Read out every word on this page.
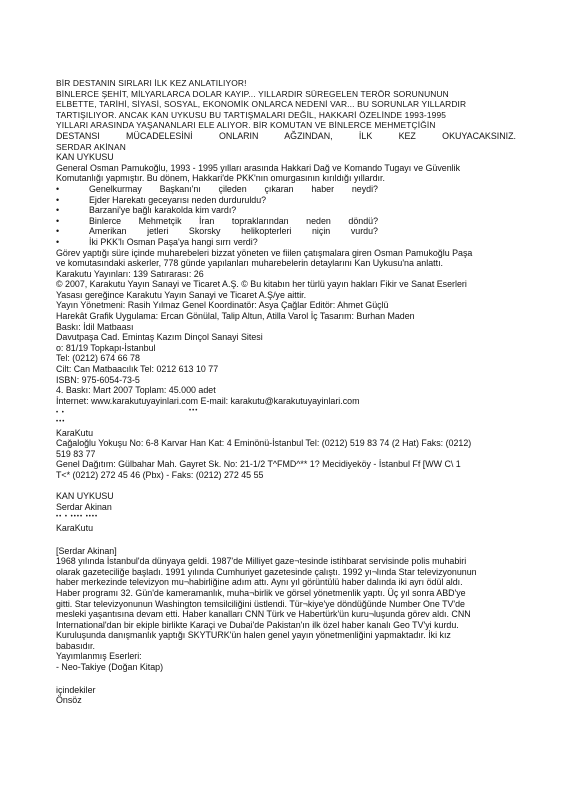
BİR DESTANIN SIRLARI İLK KEZ ANLATILIYOR!
BİNLERCE ŞEHİT, MİLYARLARCA DOLAR KAYIP... YILLARDIR SÜREGELEN TERÖR SORUNUNUN
ELBETTE, TARİHİ, SİYASİ, SOSYAL, EKONOMİK ONLARCA NEDENİ VAR... BU SORUNLAR YILLARDIR
TARTIŞILIYOR. ANCAK KAN UYKUSU BU TARTIŞMALARI DEĞİL, HAKKARİ ÖZELİNDE 1993-1995
YILLARI ARASINDA YAŞANANLARI ELE ALIYOR. BİR KOMUTAN VE BİNLERCE MEHMETÇİĞİN
DESTANSI MÜCADELESİNİ ONLARIN AĞZINDAN, İLK KEZ OKUYACAKSINIZ.
SERDAR AKİNAN
KAN UYKUSU
General Osman Pamukoğlu, 1993 - 1995 yılları arasında Hakkari Dağ ve Komando Tugayı ve Güvenlik
Komutanlığı yapmıştır. Bu dönem, Hakkari'de PKK'nın omurgasının kırıldığı yıllardır.
•	Genelkurmay Başkanı'nı çileden çıkaran haber neydi?
•	Ejder Harekatı geceyarısı neden durduruldu?
•	Barzani'ye bağlı karakolda kim vardı?
•	Binlerce Mehmetçik İran topraklarından neden döndü?
•	Amerikan jetleri Skorsky helikopterleri niçin vurdu?
•	İki PKK'lı Osman Paşa'ya hangi sırrı verdi?
Görev yaptığı süre içinde muharebeleri bizzat yöneten ve fiilen çatışmalara giren Osman Pamukoğlu Paşa
ve komutasındaki askerler, 778 günde yapılanları muharebelerin detaylarını Kan Uykusu'na anlattı.
Karakutu Yayınları: 139 Satırarası: 26
© 2007, Karakutu Yayın Sanayi ve Ticaret A.Ş. © Bu kitabın her türlü yayın hakları Fikir ve Sanat Eserleri
Yasası gereğince Karakutu Yayın Sanayi ve Ticaret A.Ş/ye aittir.
Yayın Yönetmeni: Rasih Yılmaz Genel Koordinatör: Asya Çağlar Editör: Ahmet Güçlü
Harekât Grafik Uygulama: Ercan Gönülal, Talip Altun, Atilla Varol İç Tasarım: Burhan Maden
Baskı: İdil Matbaası
Davutpaşa Cad. Emintaş Kazım Dinçol Sanayi Sitesi
o: 81/19 Topkapı-İstanbul
Tel: (0212) 674 66 78
Cilt: Can Matbaacılık Tel: 0212 613 10 77
ISBN: 975-6054-73-5
4. Baskı: Mart 2007 Toplam: 45.000 adet
İnternet: www.karakutuyayinlari.com E-mail: karakutu@karakutuyayinlari.com
• •	•••
•••
KaraKutu
Cağaloğlu Yokuşu No: 6-8 Karvar Han Kat: 4 Eminönü-İstanbul Tel: (0212) 519 83 74 (2 Hat) Faks: (0212)
519 83 77
Genel Dağıtım: Gülbahar Mah. Gayret Sk. No: 21-1/2 T^FMD^** 1? Mecidiyeköy - İstanbul Ff [WW C\ 1
T<* (0212) 272 45 46 (Pbx) - Faks: (0212) 272 45 55
KAN UYKUSU
Serdar Akinan
•• • •••• ••••
KaraKutu
[Serdar Akinan]
1968 yılında İstanbul'da dünyaya geldi. 1987'de Milliyet gaze¬tesinde istihbarat servisinde polis muhabiri
olarak gazeteciliğe başladı. 1991 yılında Cumhuriyet gazetesinde çalıştı. 1992 yı¬lında Star televizyonunun
haber merkezinde televizyon mu¬habirliğine adım attı. Aynı yıl görüntülü haber dalında iki ayrı ödül aldı.
Haber programı 32. Gün'de kameramanlık, muha¬birlik ve görsel yönetmenlik yaptı. Üç yıl sonra ABD'ye
gitti. Star televizyonunun Washington temsilciliğini üstlendi. Tür¬kiye'ye döndüğünde Number One TV'de
mesleki yaşantısına devam etti. Haber kanalları CNN Türk ve Habertürk'ün kuru¬luşunda görev aldı. CNN
International'dan bir ekiple birlikte Karaçi ve Dubai'de Pakistan'ın ilk özel haber kanalı Geo TV'yi kurdu.
Kuruluşunda danışmanlık yaptığı SKYTURK'ün halen genel yayın yönetmenliğini yapmaktadır. İki kız
babasıdır.
Yayımlanmış Eserleri:
- Neo-Takiye (Doğan Kitap)
içindekiler
Önsöz
